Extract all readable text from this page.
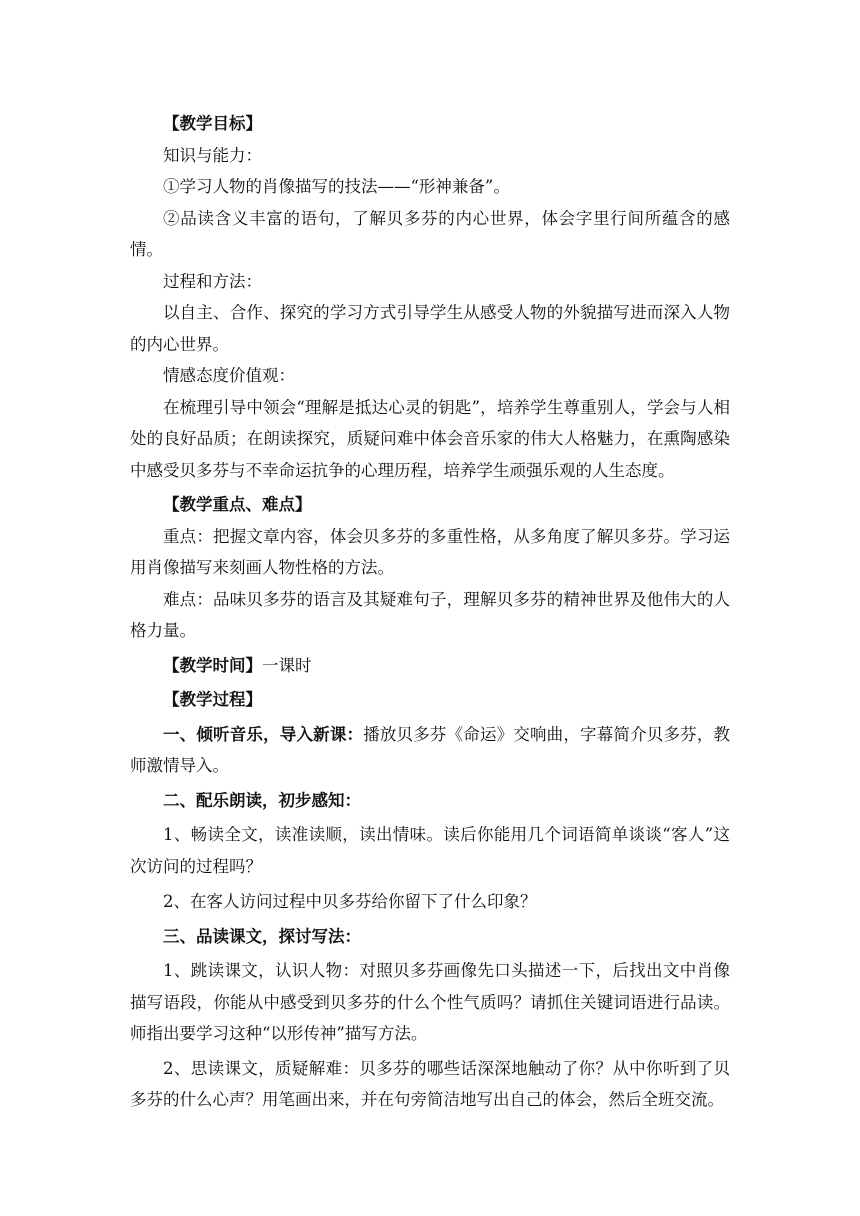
【教学目标】

知识与能力：

①学习人物的肖像描写的技法——“形神兼备”。

②品读含义丰富的语句，了解贝多芬的内心世界，体会字里行间所蕴含的感情。

过程和方法：

以自主、合作、探究的学习方式引导学生从感受人物的外貌描写进而深入人物的内心世界。

情感态度价值观：

在梳理引导中领会“理解是抵达心灵的钥匙”，培养学生尊重别人，学会与人相处的良好品质；在朗读探究，质疑问难中体会音乐家的伟大人格魅力，在熏陶感染中感受贝多芬与不幸命运抗争的心理历程，培养学生顽强乐观的人生态度。

【教学重点、难点】

重点：把握文章内容，体会贝多芬的多重性格，从多角度了解贝多芬。学习运用肖像描写来刻画人物性格的方法。

难点：品味贝多芬的语言及其疑难句子，理解贝多芬的精神世界及他伟大的人格力量。

【教学时间】一课时

【教学过程】

一、倾听音乐，导入新课：播放贝多芬《命运》交响曲，字幕简介贝多芬，教师激情导入。

二、配乐朗读，初步感知：

1、畅读全文，读准读顺，读出情味。读后你能用几个词语简单谈谈“客人”这次访问的过程吗？

2、在客人访问过程中贝多芬给你留下了什么印象？

三、品读课文，探讨写法：

1、跳读课文，认识人物：对照贝多芬画像先口头描述一下，后找出文中肖像描写语段，你能从中感受到贝多芬的什么个性气质吗？请抓住关键词语进行品读。师指出要学习这种“以形传神”描写方法。

2、思读课文，质疑解难：贝多芬的哪些话深深地触动了你？从中你听到了贝多芬的什么心声？用笔画出来，并在句旁简洁地写出自己的体会，然后全班交流。
